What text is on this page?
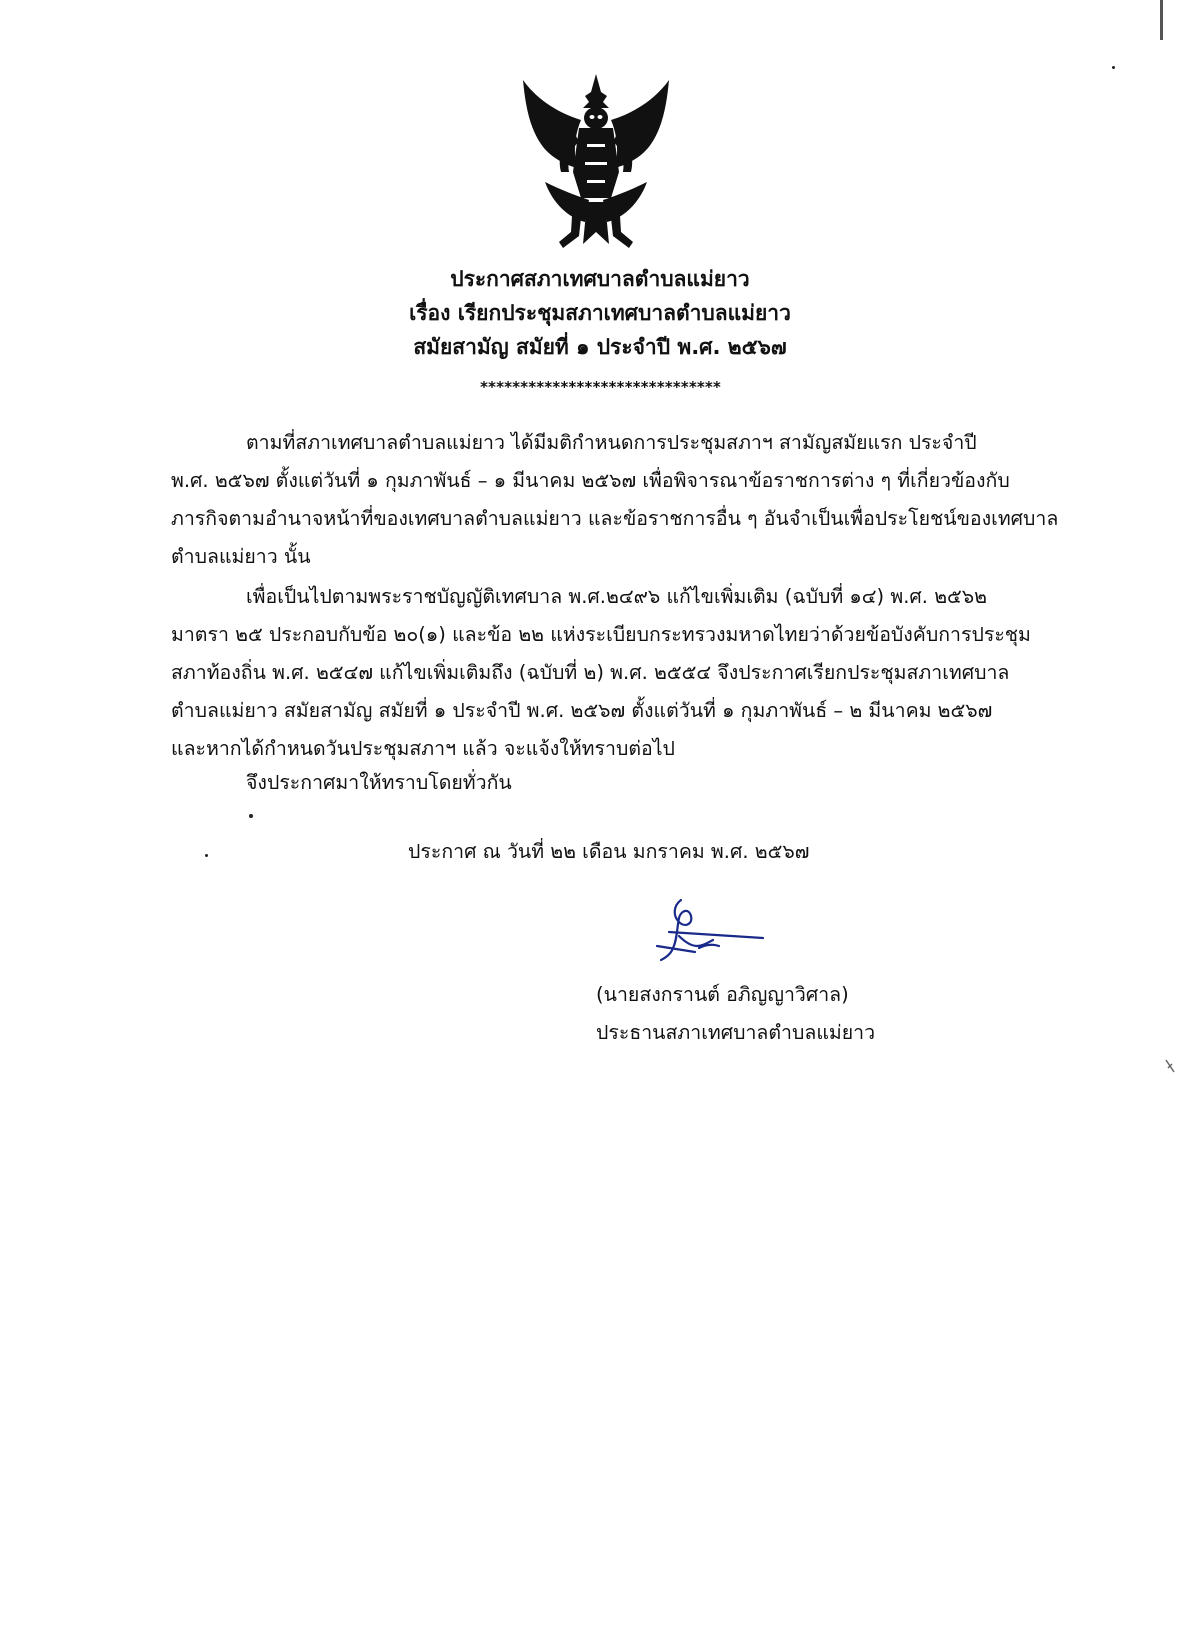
ประกาศสภาเทศบาลตำบลแม่ยาว
เรื่อง เรียกประชุมสภาเทศบาลตำบลแม่ยาว
สมัยสามัญ สมัยที่ ๑ ประจำปี พ.ศ. ๒๕๖๗
******************************
ตามที่สภาเทศบาลตำบลแม่ยาว ได้มีมติกำหนดการประชุมสภาฯ สามัญสมัยแรก ประจำปี
พ.ศ. ๒๕๖๗ ตั้งแต่วันที่ ๑ กุมภาพันธ์ – ๑ มีนาคม ๒๕๖๗ เพื่อพิจารณาข้อราชการต่าง ๆ ที่เกี่ยวข้องกับ
ภารกิจตามอำนาจหน้าที่ของเทศบาลตำบลแม่ยาว และข้อราชการอื่น ๆ อันจำเป็นเพื่อประโยชน์ของเทศบาล
ตำบลแม่ยาว นั้น
เพื่อเป็นไปตามพระราชบัญญัติเทศบาล พ.ศ.๒๔๙๖ แก้ไขเพิ่มเติม (ฉบับที่ ๑๔) พ.ศ. ๒๕๖๒
มาตรา ๒๕ ประกอบกับข้อ ๒๐(๑) และข้อ ๒๒ แห่งระเบียบกระทรวงมหาดไทยว่าด้วยข้อบังคับการประชุม
สภาท้องถิ่น พ.ศ. ๒๕๔๗ แก้ไขเพิ่มเติมถึง (ฉบับที่ ๒) พ.ศ. ๒๕๕๔ จึงประกาศเรียกประชุมสภาเทศบาล
ตำบลแม่ยาว สมัยสามัญ สมัยที่ ๑ ประจำปี พ.ศ. ๒๕๖๗ ตั้งแต่วันที่ ๑ กุมภาพันธ์ – ๒ มีนาคม ๒๕๖๗
และหากได้กำหนดวันประชุมสภาฯ แล้ว จะแจ้งให้ทราบต่อไป
จึงประกาศมาให้ทราบโดยทั่วกัน
ประกาศ ณ วันที่ ๒๒ เดือน มกราคม พ.ศ. ๒๕๖๗
(นายสงกรานต์ อภิญญาวิศาล)
ประธานสภาเทศบาลตำบลแม่ยาว
